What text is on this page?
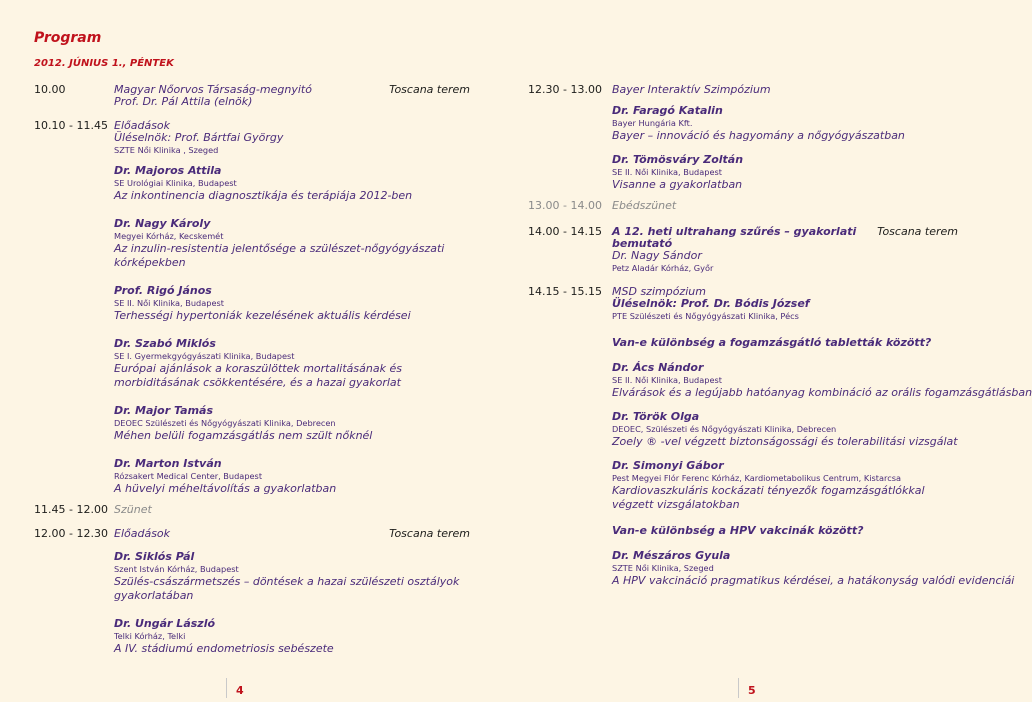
Program
2012. JÚNIUS 1., PÉNTEK
10.00	Magyar Nőorvos Társaság-megnyitó	Toscana terem
Prof. Dr. Pál Attila (elnök)
10.10 - 11.45 Előadások
Üléselnök: Prof. Bártfai György
SZTE Női Klinika , Szeged
Dr. Majoros Attila
SE Urológiai Klinika, Budapest
Az inkontinencia diagnosztikája és terápiája 2012-ben
Dr. Nagy Károly
Megyei Kórház, Kecskemét
Az inzulin-resistentia jelentősége a szülészet-nőgyógyászati kórképekben
Prof. Rigó János
SE II. Női Klinika, Budapest
Terhességi hypertoniák kezelésének aktuális kérdései
Dr. Szabó Miklós
SE I. Gyermekgyógyászati Klinika, Budapest
Európai ajánlások a koraszülöttek mortalitásának és morbiditásának csökkentésére, és a hazai gyakorlat
Dr. Major Tamás
DEOEC Szülészeti és Nőgyógyászati Klinika, Debrecen
Méhen belüli fogamzásgátlás nem szült nőknél
Dr. Marton István
Rózsakert Medical Center, Budapest
A hüvelyi méheltávolítás a gyakorlatban
11.45 - 12.00 Szünet
12.00 - 12.30 Előadások	Toscana terem
Dr. Siklós Pál
Szent István Kórház, Budapest
Szülés-császármetszés – döntések a hazai szülészeti osztályok gyakorlatában
Dr. Ungár László
Telki Kórház, Telki
A IV. stádiumú endometriosis sebészete
12.30 - 13.00 Bayer Interaktív Szimpózium
Dr. Faragó Katalin
Bayer Hungária Kft.
Bayer – innováció és hagyomány a nőgyógyászatban
Dr. Tömösváry Zoltán
SE II. Női Klinika, Budapest
Visanne a gyakorlatban
13.00 - 14.00 Ebédszünet
14.00 - 14.15 A 12. heti ultrahang szűrés – gyakorlati bemutató
Toscana terem
Dr. Nagy Sándor
Petz Aladár Kórház, Győr
14.15 - 15.15 MSD szimpózium
Üléselnök: Prof. Dr. Bódis József
PTE Szülészeti és Nőgyógyászati Klinika, Pécs
Van-e különbség a fogamzásgátló tabletták között?
Dr. Ács Nándor
SE II. Női Klinika, Budapest
Elvárások és a legújabb hatóanyag kombináció az orális fogamzásgátlásban
Dr. Török Olga
DEOEC, Szülészeti és Nőgyógyászati Klinika, Debrecen
Zoely ® -vel végzett biztonságossági és tolerabilitási vizsgálat
Dr. Simonyi Gábor
Pest Megyei Flór Ferenc Kórház, Kardiometabolikus Centrum, Kistarcsa
Kardiovaszkuláris kockázati tényezők fogamzásgátlókkal végzett vizsgálatokban
Van-e különbség a HPV vakcinák között?
Dr. Mészáros Gyula
SZTE Női Klinika, Szeged
A HPV vakcináció pragmatikus kérdései, a hatákonyság valódi evidenciái
4	5
